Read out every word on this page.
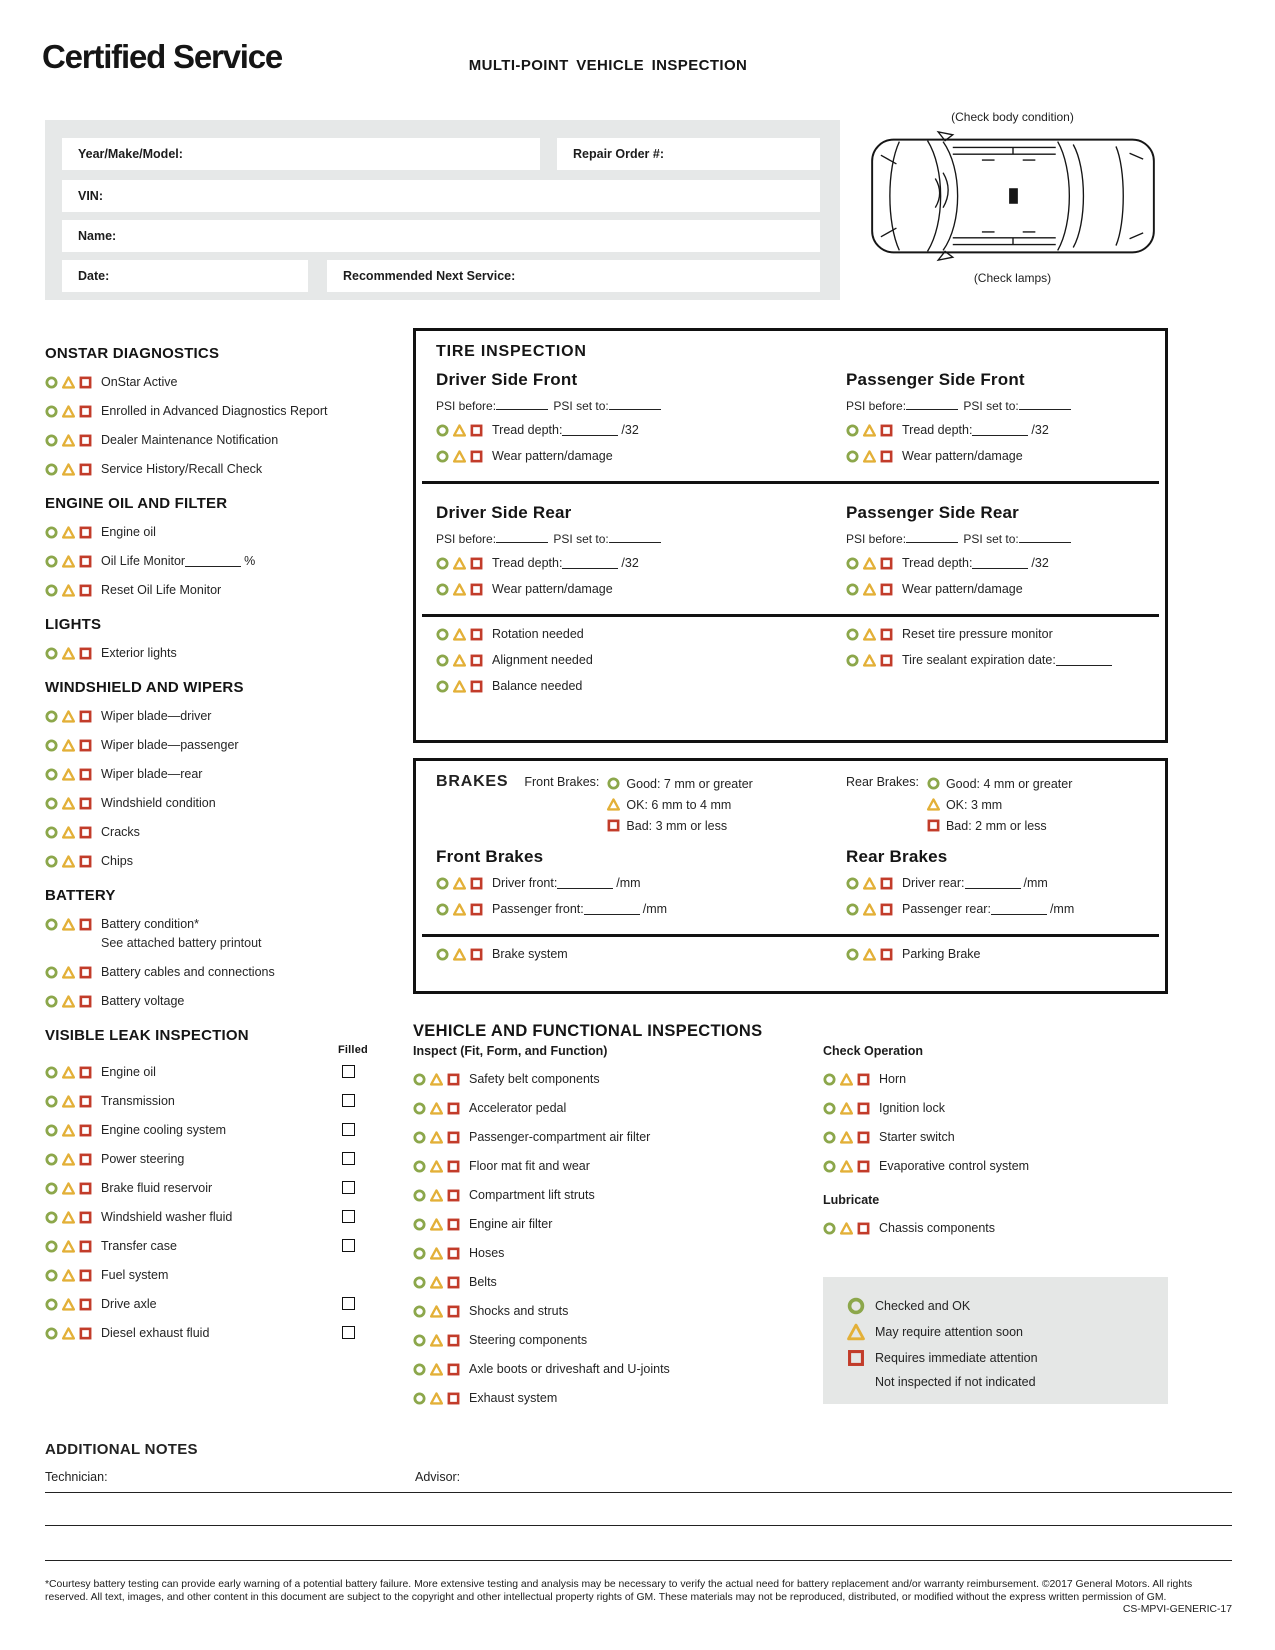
Certified Service	MULTI-POINT VEHICLE INSPECTION
Year/Make/Model:	Repair Order #:
VIN:
Name:
Date:	Recommended Next Service:
(Check body condition)
(Check lamps)
ONSTAR DIAGNOSTICS
OnStar Active
Enrolled in Advanced Diagnostics Report
Dealer Maintenance Notification
Service History/Recall Check
ENGINE OIL AND FILTER
Engine oil
Oil Life Monitor	%
Reset Oil Life Monitor
LIGHTS
Exterior lights
WINDSHIELD AND WIPERS
Wiper blade—driver
Wiper blade—passenger
Wiper blade—rear
Windshield condition
Cracks
Chips
BATTERY
Battery condition*
See attached battery printout
Battery cables and connections
Battery voltage
VISIBLE LEAK INSPECTION
Filled
Engine oil
Transmission
Engine cooling system
Power steering
Brake fluid reservoir
Windshield washer fluid
Transfer case
Fuel system
Drive axle
Diesel exhaust fluid
TIRE INSPECTION
Driver Side Front
PSI before:	PSI set to:
Tread depth:	/32
Wear pattern/damage
Passenger Side Front
PSI before:	PSI set to:
Tread depth:	/32
Wear pattern/damage
Driver Side Rear
PSI before:	PSI set to:
Tread depth:	/32
Wear pattern/damage
Passenger Side Rear
PSI before:	PSI set to:
Tread depth:	/32
Wear pattern/damage
Rotation needed
Alignment needed
Balance needed
Reset tire pressure monitor
Tire sealant expiration date:
BRAKES Front Brakes: Good: 7 mm or greater
OK: 6 mm to 4 mm
Bad: 3 mm or less
Rear Brakes: Good: 4 mm or greater
OK: 3 mm
Bad: 2 mm or less
Front Brakes
Driver front:	/mm
Passenger front:	/mm
Rear Brakes
Driver rear:	/mm
Passenger rear:	/mm
Brake system	Parking Brake
VEHICLE AND FUNCTIONAL INSPECTIONS
Inspect (Fit, Form, and Function)
Safety belt components
Accelerator pedal
Passenger-compartment air filter
Floor mat fit and wear
Compartment lift struts
Engine air filter
Hoses
Belts
Shocks and struts
Steering components
Axle boots or driveshaft and U-joints
Exhaust system
Check Operation
Horn
Ignition lock
Starter switch
Evaporative control system
Lubricate
Chassis components
Checked and OK
May require attention soon
Requires immediate attention
Not inspected if not indicated
ADDITIONAL NOTES
Technician:	Advisor:
*Courtesy battery testing can provide early warning of a potential battery failure. More extensive testing and analysis may be necessary to verify the actual need for battery replacement and/or warranty reimbursement. ©2017 General Motors. All rights reserved. All text, images, and other content in this document are subject to the copyright and other intellectual property rights of GM. These materials may not be reproduced, distributed, or modified without the express written permission of GM.
CS-MPVI-GENERIC-17
